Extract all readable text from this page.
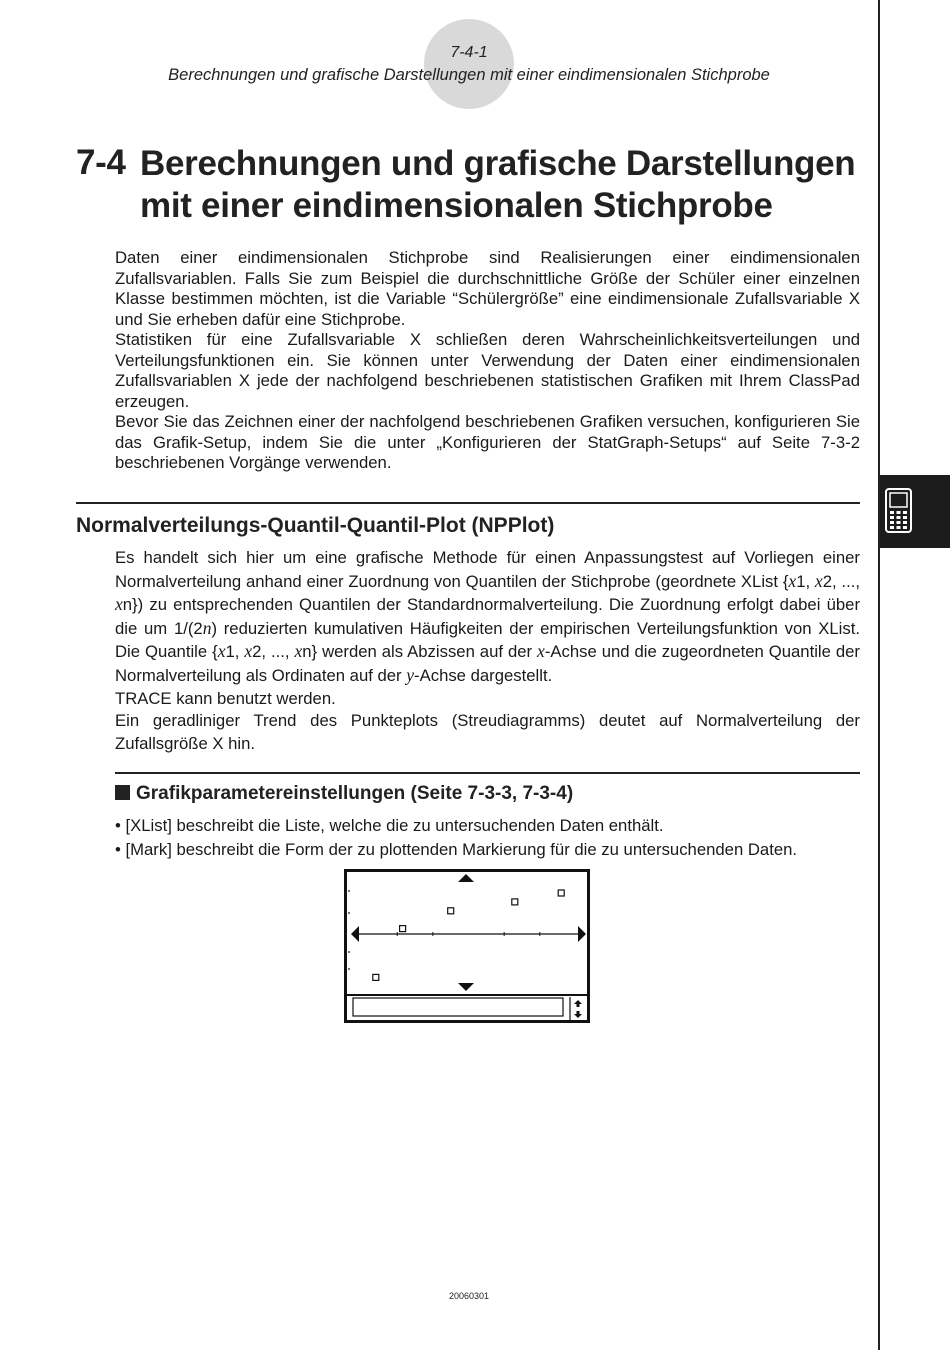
7-4-1
Berechnungen und grafische Darstellungen mit einer eindimensionalen Stichprobe
7-4 Berechnungen und grafische Darstellungen
mit einer eindimensionalen Stichprobe

Daten einer eindimensionalen Stichprobe sind Realisierungen einer eindimensionalen Zufallsvariablen. Falls Sie zum Beispiel die durchschnittliche Größe der Schüler einer einzelnen Klasse bestimmen möchten, ist die Variable “Schülergröße” eine eindimensionale Zufallsvariable X und Sie erheben dafür eine Stichprobe.

Statistiken für eine Zufallsvariable X schließen deren Wahrscheinlichkeitsverteilungen und Verteilungsfunktionen ein. Sie können unter Verwendung der Daten einer eindimensionalen Zufallsvariablen X jede der nachfolgend beschriebenen statistischen Grafiken mit Ihrem ClassPad erzeugen.

Bevor Sie das Zeichnen einer der nachfolgend beschriebenen Grafiken versuchen, konfigurieren Sie das Grafik-Setup, indem Sie die unter „Konfigurieren der StatGraph-Setups“ auf Seite 7-3-2 beschriebenen Vorgänge verwenden.

Normalverteilungs-Quantil-Quantil-Plot (NPPlot)

Es handelt sich hier um eine grafische Methode für einen Anpassungstest auf Vorliegen einer Normalverteilung anhand einer Zuordnung von Quantilen der Stichprobe (geordnete XList {x1, x2, ..., xn}) zu entsprechenden Quantilen der Standardnormalverteilung. Die Zuordnung erfolgt dabei über die um 1/(2n) reduzierten kumulativen Häufigkeiten der empirischen Verteilungsfunktion von XList. Die Quantile {x1, x2, ..., xn} werden als Abzissen auf der x-Achse und die zugeordneten Quantile der Normalverteilung als Ordinaten auf der y-Achse dargestellt.

TRACE kann benutzt werden.

Ein geradliniger Trend des Punkteplots (Streudiagramms) deutet auf Normalverteilung der Zufallsgröße X hin.

Grafikparametereinstellungen (Seite 7-3-3, 7-3-4)
• [XList] beschreibt die Liste, welche die zu untersuchenden Daten enthält.
• [Mark] beschreibt die Form der zu plottenden Markierung für die zu untersuchenden Daten.
20060301
